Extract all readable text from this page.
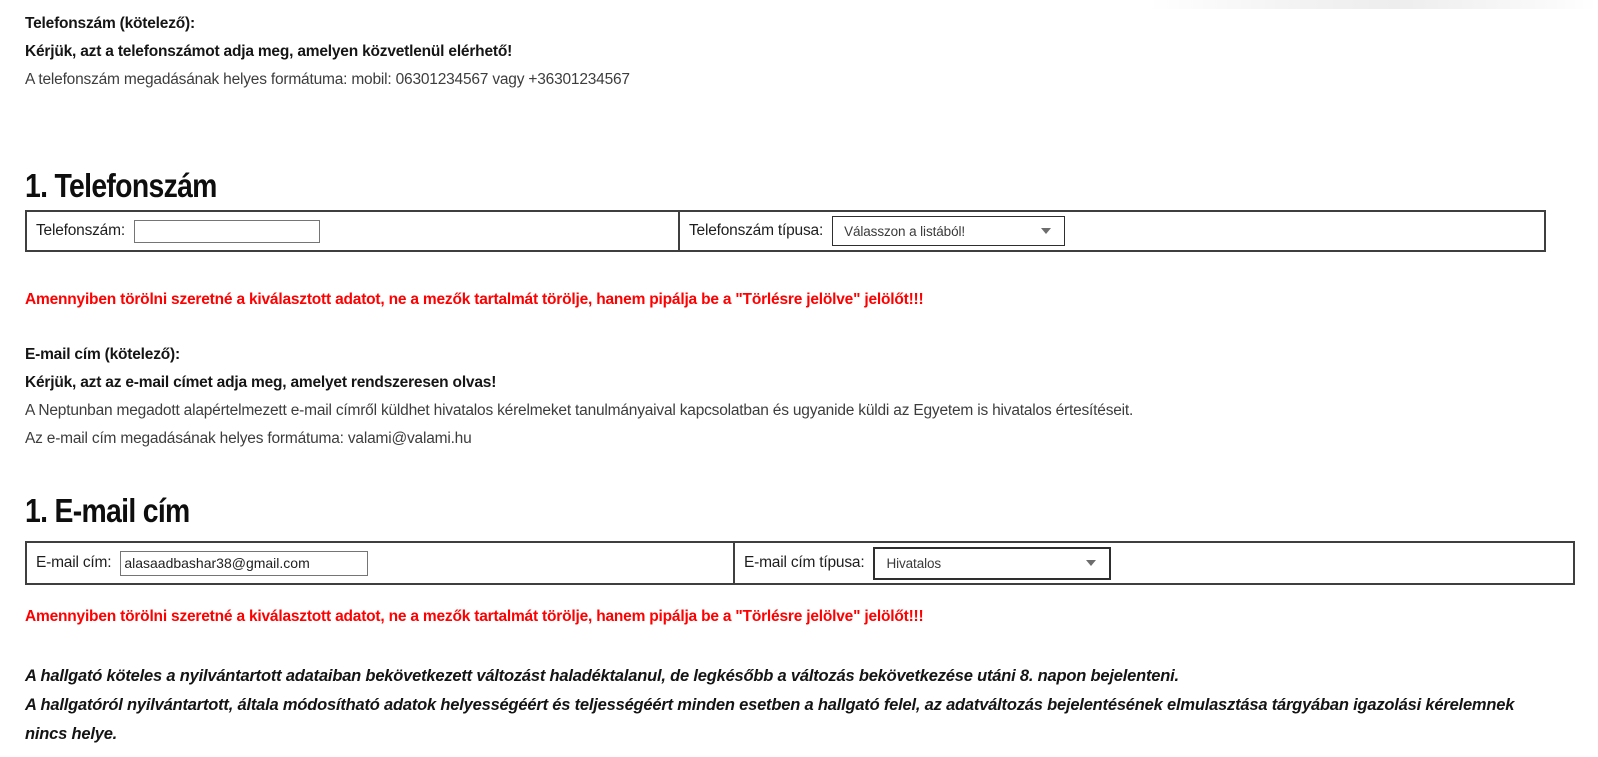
Telefonszám (kötelező):

Kérjük, azt a telefonszámot adja meg, amelyen közvetlenül elérhető!

A telefonszám megadásának helyes formátuma: mobil: 06301234567 vagy +36301234567

1. Telefonszám
Telefonszám:	Telefonszám típusa: Válasszon a listából!

Amennyiben törölni szeretné a kiválasztott adatot, ne a mezők tartalmát törölje, hanem pipálja be a "Törlésre jelölve" jelölőt!!!

E-mail cím (kötelező):

Kérjük, azt az e-mail címet adja meg, amelyet rendszeresen olvas!

A Neptunban megadott alapértelmezett e-mail címről küldhet hivatalos kérelmeket tanulmányaival kapcsolatban és ugyanide küldi az Egyetem is hivatalos értesítéseit.

Az e-mail cím megadásának helyes formátuma: valami@valami.hu

1. E-mail cím
E-mail cím:
alasaadbashar38@gmail.com	E-mail cím típusa: Hivatalos

Amennyiben törölni szeretné a kiválasztott adatot, ne a mezők tartalmát törölje, hanem pipálja be a "Törlésre jelölve" jelölőt!!!

A hallgató köteles a nyilvántartott adataiban bekövetkezett változást haladéktalanul, de legkésőbb a változás bekövetkezése utáni 8. napon bejelenteni.

A hallgatóról nyilvántartott, általa módosítható adatok helyességéért és teljességéért minden esetben a hallgató felel, az adatváltozás bejelentésének elmulasztása tárgyában igazolási kérelemnek nincs helye.
